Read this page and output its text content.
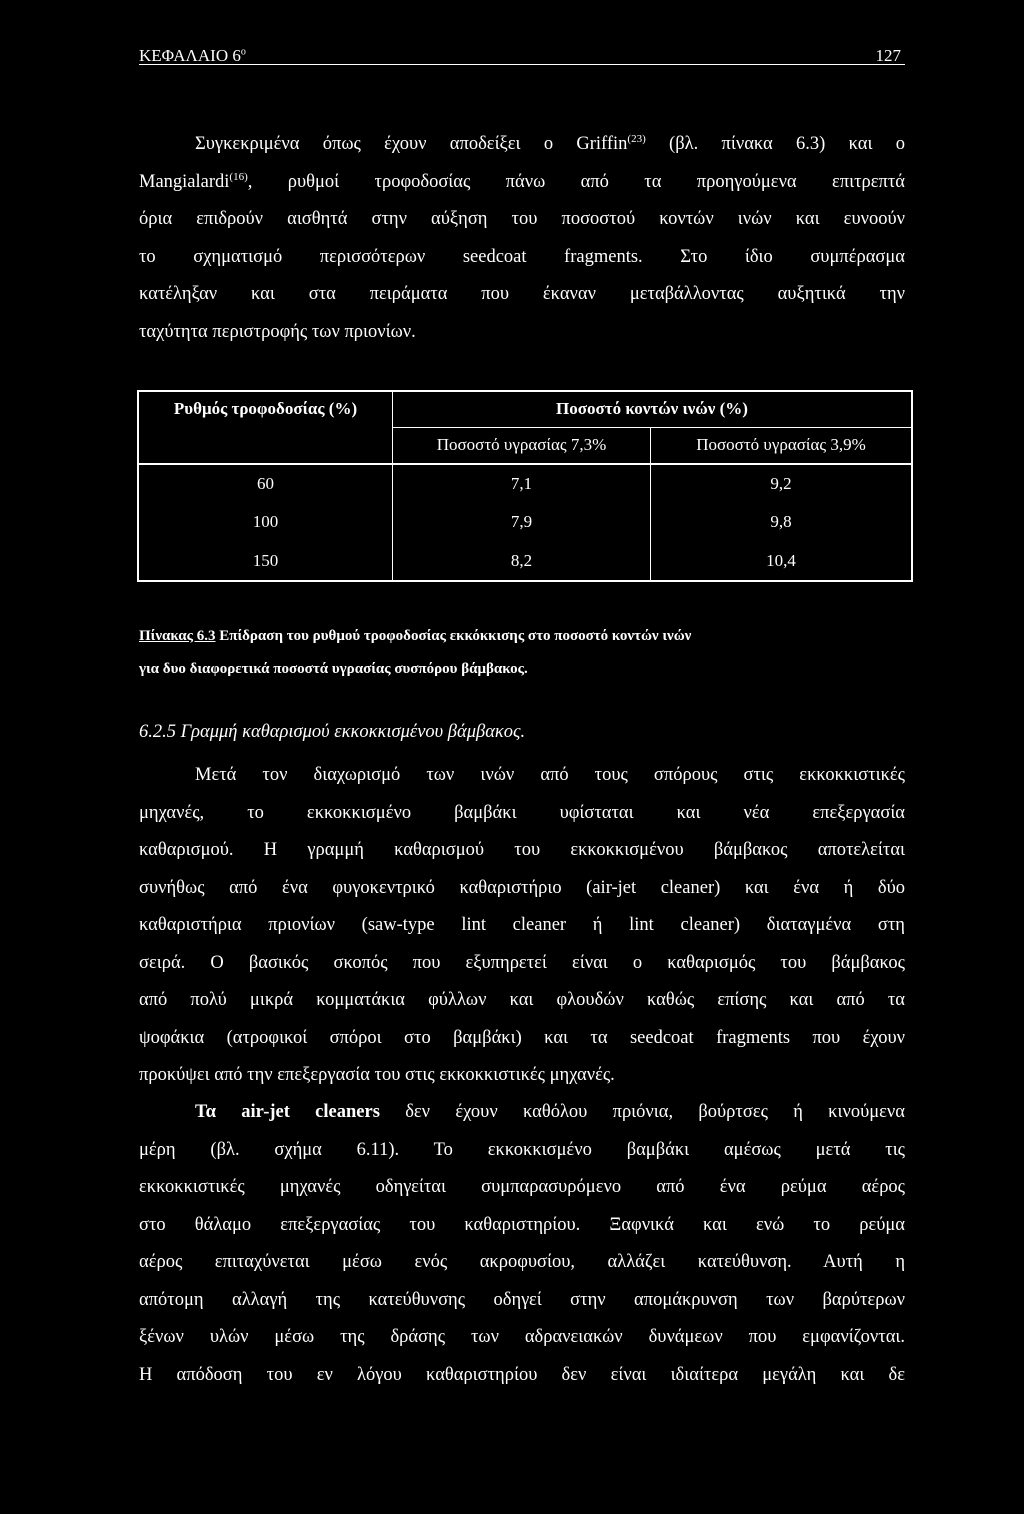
ΚΕΦΑΛΑΙΟ $6^o$	127
Συγκεκριμένα όπως έχουν αποδείξει ο Griffin$^{(23)}$ (βλ. πίνακα 6.3) και ο
Mangialardi$^{(16)}$, ρυθμοί τροφοδοσίας πάνω από τα προηγούμενα επιτρεπτά
όρια επιδρούν αισθητά στην αύξηση του ποσοστού κοντών ινών και ευνοούν
το σχηματισμό περισσότερων seedcoat fragments. Στο ίδιο συμπέρασμα
κατέληξαν και στα πειράματα που έκαναν μεταβάλλοντας αυξητικά την
ταχύτητα περιστροφής των πριονίων.
Ρυθμός τροφοδοσίας (%)	Ποσοστό κοντών ινών (%)	
	Ποσοστό υγρασίας 7,3%	Ποσοστό υγρασίας 3,9%
60	7,1	9,2
100	7,9	9,8
150	8,2	10,4
Πίνακας 6.3 Επίδραση του ρυθμού τροφοδοσίας εκκόκκισης στο ποσοστό κοντών ινών
για δυο διαφορετικά ποσοστά υγρασίας συσπόρου βάμβακος.
6.2.5 Γραμμή καθαρισμού εκκοκκισμένου βάμβακος.
Μετά τον διαχωρισμό των ινών από τους σπόρους στις εκκοκκιστικές
μηχανές, το εκκοκκισμένο βαμβάκι υφίσταται και νέα επεξεργασία
καθαρισμού. Η γραμμή καθαρισμού του εκκοκκισμένου βάμβακος αποτελείται
συνήθως από ένα φυγοκεντρικό καθαριστήριο (air-jet cleaner) και ένα ή δύο
καθαριστήρια πριονίων (saw-type lint cleaner ή lint cleaner) διαταγμένα στη
σειρά. Ο βασικός σκοπός που εξυπηρετεί είναι ο καθαρισμός του βάμβακος
από πολύ μικρά κομματάκια φύλλων και φλουδών καθώς επίσης και από τα
ψοφάκια (ατροφικοί σπόροι στο βαμβάκι) και τα seedcoat fragments που έχουν
προκύψει από την επεξεργασία του στις εκκοκκιστικές μηχανές.
Τα air-jet cleaners δεν έχουν καθόλου πριόνια, βούρτσες ή κινούμενα
μέρη (βλ. σχήμα 6.11). Το εκκοκκισμένο βαμβάκι αμέσως μετά τις
εκκοκκιστικές μηχανές οδηγείται συμπαρασυρόμενο από ένα ρεύμα αέρος
στο θάλαμο επεξεργασίας του καθαριστηρίου. Ξαφνικά και ενώ το ρεύμα
αέρος επιταχύνεται μέσω ενός ακροφυσίου, αλλάζει κατεύθυνση. Αυτή η
απότομη αλλαγή της κατεύθυνσης οδηγεί στην απομάκρυνση των βαρύτερων
ξένων υλών μέσω της δράσης των αδρανειακών δυνάμεων που εμφανίζονται.
Η απόδοση του εν λόγου καθαριστηρίου δεν είναι ιδιαίτερα μεγάλη και δε
